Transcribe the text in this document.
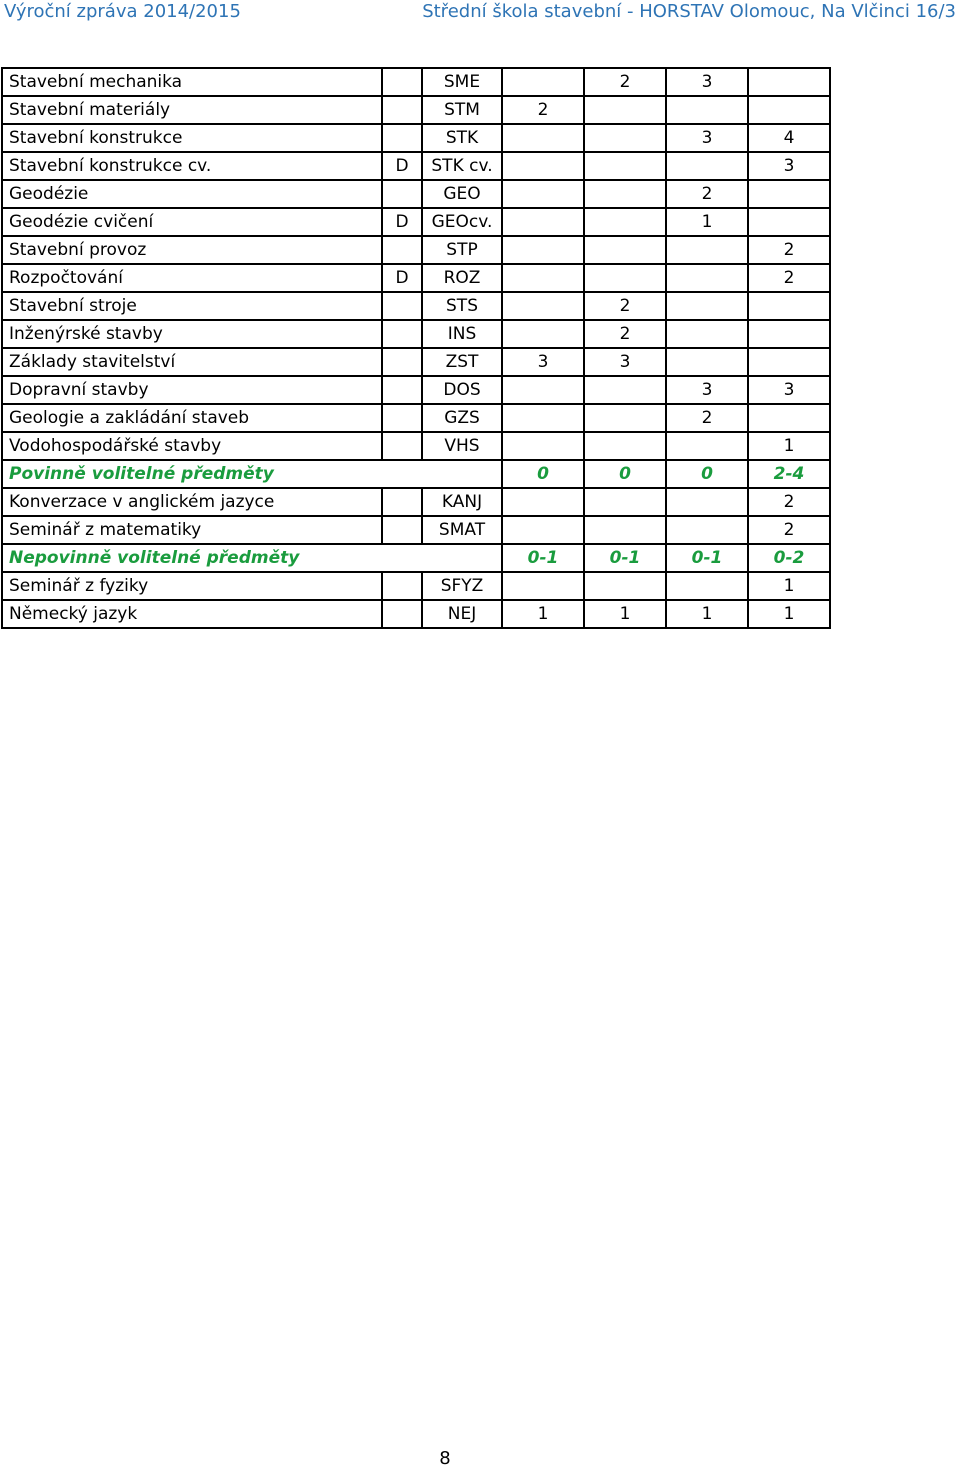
Výroční zpráva 2014/2015	Střední škola stavební - HORSTAV Olomouc, Na Vlčinci 16/3
Stavební mechanika		SME		2	3	
Stavební materiály		STM	2			
Stavební konstrukce		STK			3	4
Stavební konstrukce cv.	D	STK cv.				3
Geodézie		GEO			2	
Geodézie cvičení	D	GEOcv.			1	
Stavební provoz		STP				2
Rozpočtování	D	ROZ				2
Stavební stroje		STS		2		
Inženýrské stavby		INS		2		
Základy stavitelství		ZST	3	3		
Dopravní stavby		DOS			3	3
Geologie a zakládání staveb		GZS			2	
Vodohospodářské stavby		VHS				1
Povinně volitelné předměty			0	0	0	2-4
Konverzace v anglickém jazyce		KANJ				2
Seminář z matematiky		SMAT				2
Nepovinně volitelné předměty			0-1	0-1	0-1	0-2
Seminář z fyziky		SFYZ				1
Německý jazyk		NEJ	1	1	1	1
8
